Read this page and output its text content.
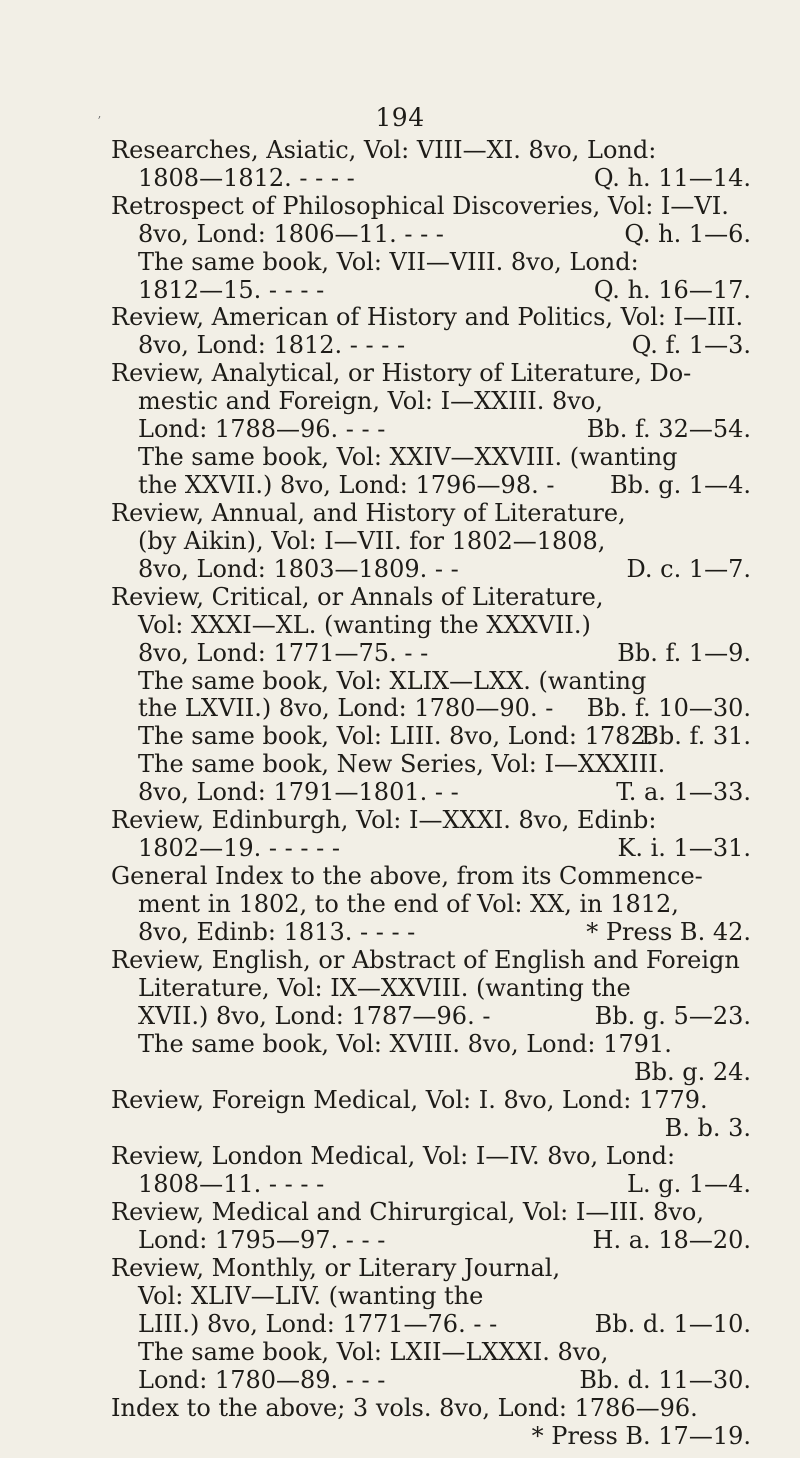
ʼ	194
Researches, Asiatic, Vol: VIII—XI. 8vo, Lond:
1808—1812. - - - -	Q. h. 11—14.
Retrospect of Philosophical Discoveries, Vol: I—VI.
8vo, Lond: 1806—11. - - -	Q. h. 1—6.
The same book, Vol: VII—VIII. 8vo, Lond:
1812—15. - - - -	Q. h. 16—17.
Review, American of History and Politics, Vol: I—III.
8vo, Lond: 1812. - - - -	Q. f. 1—3.
Review, Analytical, or History of Literature, Do-
mestic and Foreign, Vol: I—XXIII. 8vo,
Lond: 1788—96. - - -	Bb. f. 32—54.
The same book, Vol: XXIV—XXVIII. (wanting
the XXVII.) 8vo, Lond: 1796—98. - Bb. g. 1—4.
Review, Annual, and History of Literature,
(by Aikin), Vol: I—VII. for 1802—1808,
8vo, Lond: 1803—1809. - -	D. c. 1—7.
Review, Critical, or Annals of Literature,
Vol: XXXI—XL. (wanting the XXXVII.)
8vo, Lond: 1771—75. - -	Bb. f. 1—9.
The same book, Vol: XLIX—LXX. (wanting
the LXVII.) 8vo, Lond: 1780—90. - Bb. f. 10—30.
The same book, Vol: LIII. 8vo, Lond: 1782.
Bb. f. 31.
The same book, New Series, Vol: I—XXXIII.
8vo, Lond: 1791—1801. - -	T. a. 1—33.
Review, Edinburgh, Vol: I—XXXI. 8vo, Edinb:
1802—19. - - - - -	K. i. 1—31.
General Index to the above, from its Commence-
ment in 1802, to the end of Vol: XX, in 1812,
8vo, Edinb: 1813. - - - -	* Press B. 42.
Review, English, or Abstract of English and Foreign
Literature, Vol: IX—XXVIII. (wanting the
XVII.) 8vo, Lond: 1787—96. -	Bb. g. 5—23.
The same book, Vol: XVIII. 8vo, Lond: 1791.
Bb. g. 24.
Review, Foreign Medical, Vol: I. 8vo, Lond: 1779.
B. b. 3.
Review, London Medical, Vol: I—IV. 8vo, Lond:
1808—11. - - - -	L. g. 1—4.
Review, Medical and Chirurgical, Vol: I—III. 8vo,
Lond: 1795—97. - - -	H. a. 18—20.
Review, Monthly, or Literary Journal,
Vol: XLIV—LIV. (wanting the
LIII.) 8vo, Lond: 1771—76. - -	Bb. d. 1—10.
The same book, Vol: LXII—LXXXI. 8vo,
Lond: 1780—89. - - -	Bb. d. 11—30.
Index to the above; 3 vols. 8vo, Lond: 1786—96.
* Press B. 17—19.
